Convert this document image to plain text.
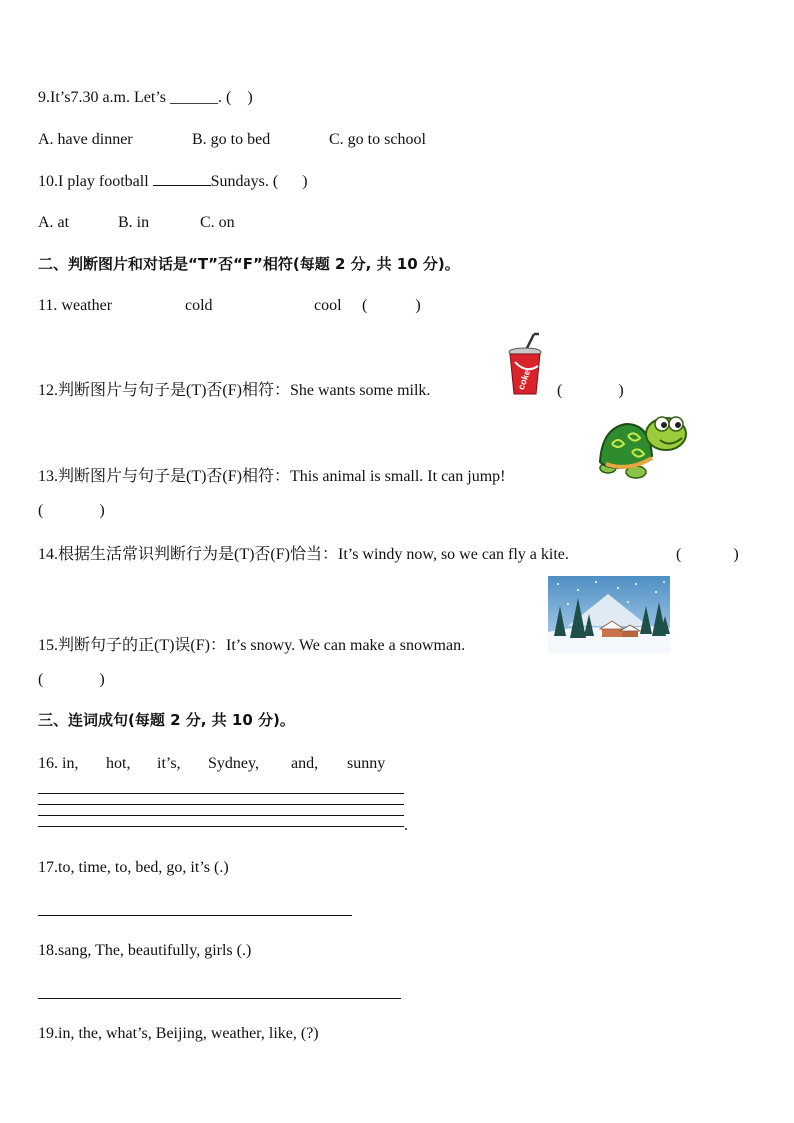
9.It’s7.30 a.m. Let’s ______. (    )
A. have dinner	B. go to bed	C. go to school
10.I play football	Sundays. (      )
A. at	B. in	C. on
二、判断图片和对话是“T”否“F”相符(每题 2 分, 共 10 分)。
11. weather	cold	cool (            )
12.判断图片与句子是(T)否(F)相符：She wants some milk.	(              )
coke
13.判断图片与句子是(T)否(F)相符：This animal is small. It can jump!
(              )
14.根据生活常识判断行为是(T)否(F)恰当：It’s windy now, so we can fly a kite.	(             )
15.判断句子的正(T)误(F)：It’s snowy. We can make a snowman.
(              )
三、连词成句(每题 2 分, 共 10 分)。
16. in, hot, it’s, Sydney, and, sunny
.
17.to, time, to, bed, go, it’s (.)
18.sang, The, beautifully, girls (.)
19.in, the, what’s, Beijing, weather, like, (?)
